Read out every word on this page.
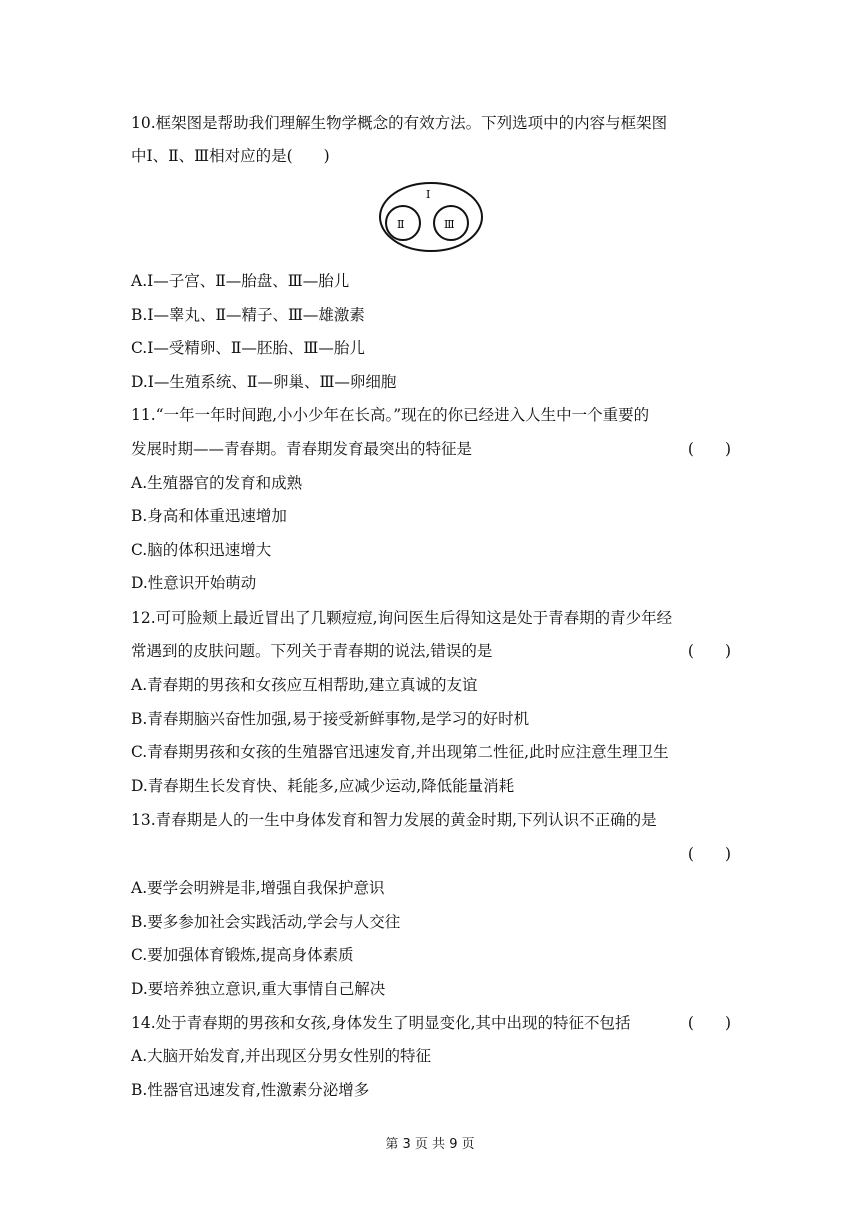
10.框架图是帮助我们理解生物学概念的有效方法。下列选项中的内容与框架图
中Ⅰ、Ⅱ、Ⅲ相对应的是(　　)
Ⅰ
Ⅱ	Ⅲ
A.Ⅰ—子宫、Ⅱ—胎盘、Ⅲ—胎儿
B.Ⅰ—睾丸、Ⅱ—精子、Ⅲ—雄激素
C.Ⅰ—受精卵、Ⅱ—胚胎、Ⅲ—胎儿
D.Ⅰ—生殖系统、Ⅱ—卵巢、Ⅲ—卵细胞
11.“一年一年时间跑,小小少年在长高。”现在的你已经进入人生中一个重要的
发展时期——青春期。青春期发育最突出的特征是	(　　)
A.生殖器官的发育和成熟
B.身高和体重迅速增加
C.脑的体积迅速增大
D.性意识开始萌动
12.可可脸颊上最近冒出了几颗痘痘,询问医生后得知这是处于青春期的青少年经
常遇到的皮肤问题。下列关于青春期的说法,错误的是	(　　)
A.青春期的男孩和女孩应互相帮助,建立真诚的友谊
B.青春期脑兴奋性加强,易于接受新鲜事物,是学习的好时机
C.青春期男孩和女孩的生殖器官迅速发育,并出现第二性征,此时应注意生理卫生
D.青春期生长发育快、耗能多,应减少运动,降低能量消耗
13.青春期是人的一生中身体发育和智力发展的黄金时期,下列认识不正确的是
(　　)
A.要学会明辨是非,增强自我保护意识
B.要多参加社会实践活动,学会与人交往
C.要加强体育锻炼,提高身体素质
D.要培养独立意识,重大事情自己解决
14.处于青春期的男孩和女孩,身体发生了明显变化,其中出现的特征不包括	(　　)
A.大脑开始发育,并出现区分男女性别的特征
B.性器官迅速发育,性激素分泌增多
第 3 页 共 9 页
